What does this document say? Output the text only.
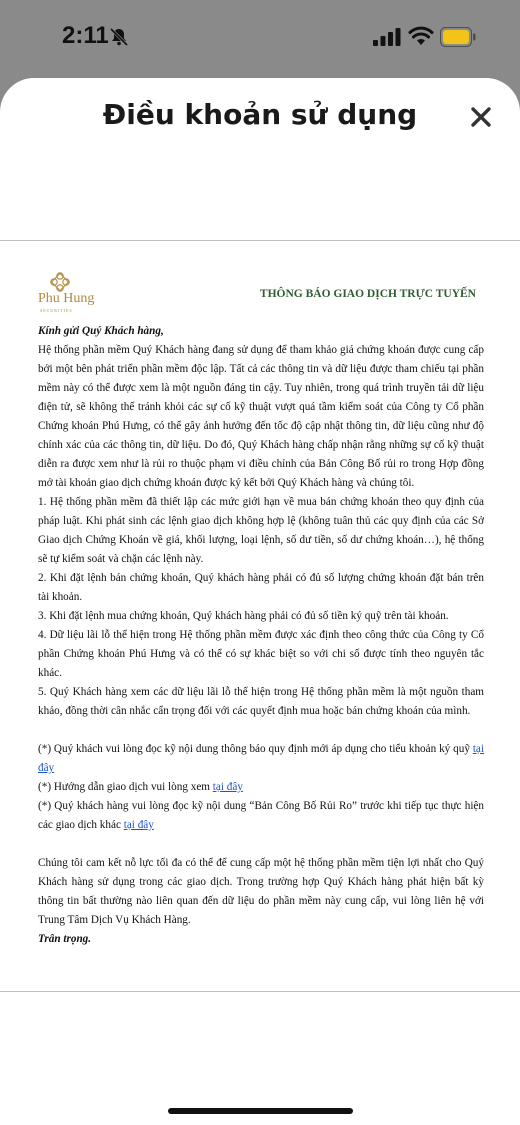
2:11
Điều khoản sử dụng
Phu Hung
SECURITIES
THÔNG BÁO GIAO DỊCH TRỰC TUYẾN

Kính gửi Quý Khách hàng,

Hệ thống phần mềm Quý Khách hàng đang sử dụng để tham khảo giá chứng khoán được cung cấp bởi một bên phát triển phần mềm độc lập. Tất cả các thông tin và dữ liệu được tham chiếu tại phần mềm này có thể được xem là một nguồn đáng tin cậy. Tuy nhiên, trong quá trình truyền tải dữ liệu điện tử, sẽ không thể tránh khỏi các sự cố kỹ thuật vượt quá tầm kiểm soát của Công ty Cổ phần Chứng khoán Phú Hưng, có thể gây ảnh hưởng đến tốc độ cập nhật thông tin, dữ liệu cũng như độ chính xác của các thông tin, dữ liệu. Do đó, Quý Khách hàng chấp nhận rằng những sự cố kỹ thuật diễn ra được xem như là rủi ro thuộc phạm vi điều chỉnh của Bản Công Bố rủi ro trong Hợp đồng mở tài khoản giao dịch chứng khoán được ký kết bởi Quý Khách hàng và chúng tôi.

1. Hệ thống phần mềm đã thiết lập các mức giới hạn về mua bán chứng khoán theo quy định của pháp luật. Khi phát sinh các lệnh giao dịch không hợp lệ (không tuân thủ các quy định của các Sở Giao dịch Chứng Khoán về giá, khối lượng, loại lệnh, số dư tiền, số dư chứng khoán…), hệ thống sẽ tự kiểm soát và chặn các lệnh này.

2. Khi đặt lệnh bán chứng khoán, Quý khách hàng phải có đủ số lượng chứng khoán đặt bán trên tài khoản.

3. Khi đặt lệnh mua chứng khoán, Quý khách hàng phải có đủ số tiền ký quỹ trên tài khoản.

4. Dữ liệu lãi lỗ thể hiện trong Hệ thống phần mềm được xác định theo công thức của Công ty Cổ phần Chứng khoán Phú Hưng và có thể có sự khác biệt so với chi số được tính theo nguyên tắc khác.

5. Quý Khách hàng xem các dữ liệu lãi lỗ thể hiện trong Hệ thống phần mềm là một nguồn tham khảo, đồng thời cân nhắc cẩn trọng đối với các quyết định mua hoặc bán chứng khoán của mình.

(*) Quý khách vui lòng đọc kỹ nội dung thông báo quy định mới áp dụng cho tiểu khoản ký quỹ tại đây

(*) Hướng dẫn giao dịch vui lòng xem tại đây

(*) Quý khách hàng vui lòng đọc kỹ nội dung “Bản Công Bố Rủi Ro” trước khi tiếp tục thực hiện các giao dịch khác tại đây

Chúng tôi cam kết nỗ lực tối đa có thể để cung cấp một hệ thống phần mềm tiện lợi nhất cho Quý Khách hàng sử dụng trong các giao dịch. Trong trường hợp Quý Khách hàng phát hiện bất kỳ thông tin bất thường nào liên quan đến dữ liệu do phần mềm này cung cấp, vui lòng liên hệ với Trung Tâm Dịch Vụ Khách Hàng.

Trân trọng.
